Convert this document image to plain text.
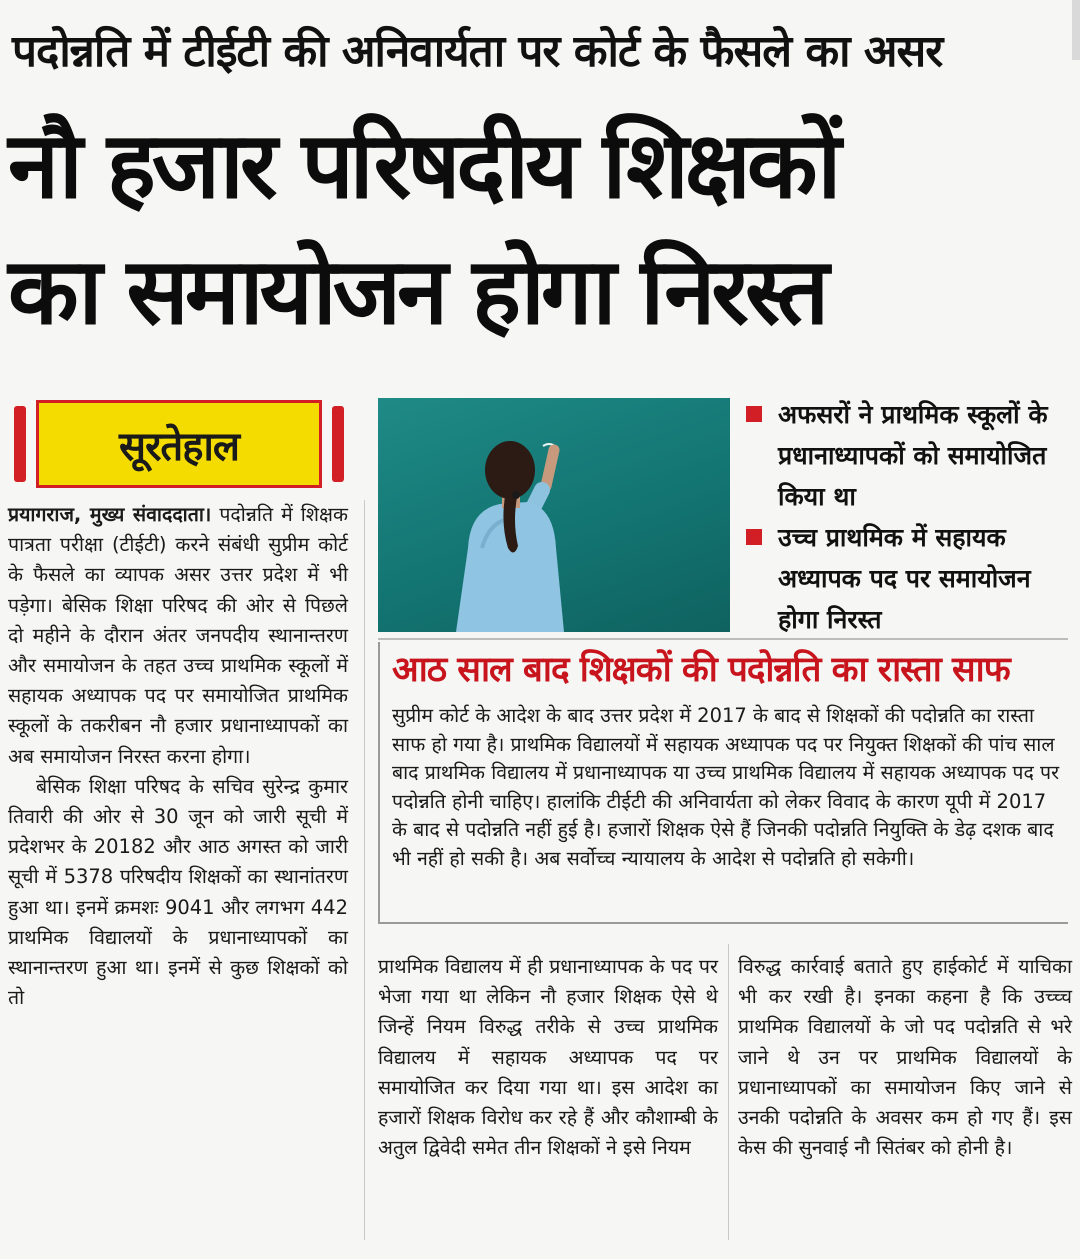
पदोन्नति में टीईटी की अनिवार्यता पर कोर्ट के फैसले का असर
नौ हजार परिषदीय शिक्षकों
का समायोजन होगा निरस्त
सूरतेहाल

प्रयागराज, मुख्य संवाददाता। पदोन्नति में शिक्षक पात्रता परीक्षा (टीईटी) करने संबंधी सुप्रीम कोर्ट के फैसले का व्यापक असर उत्तर प्रदेश में भी पड़ेगा। बेसिक शिक्षा परिषद की ओर से पिछले दो महीने के दौरान अंतर जनपदीय स्थानान्तरण और समायोजन के तहत उच्च प्राथमिक स्कूलों में सहायक अध्यापक पद पर समायोजित प्राथमिक स्कूलों के तकरीबन नौ हजार प्रधानाध्यापकों का अब समायोजन निरस्त करना होगा।

बेसिक शिक्षा परिषद के सचिव सुरेन्द्र कुमार तिवारी की ओर से 30 जून को जारी सूची में प्रदेशभर के 20182 और आठ अगस्त को जारी सूची में 5378 परिषदीय शिक्षकों का स्थानांतरण हुआ था। इनमें क्रमशः 9041 और लगभग 442 प्राथमिक विद्यालयों के प्रधानाध्यापकों का स्थानान्तरण हुआ था। इनमें से कुछ शिक्षकों को तो

अफसरों ने प्राथमिक स्कूलों के प्रधानाध्यापकों को समायोजित किया था
उच्च प्राथमिक में सहायक अध्यापक पद पर समायोजन होगा निरस्त
आठ साल बाद शिक्षकों की पदोन्नति का रास्ता साफ
सुप्रीम कोर्ट के आदेश के बाद उत्तर प्रदेश में 2017 के बाद से शिक्षकों की पदोन्नति का रास्ता साफ हो गया है। प्राथमिक विद्यालयों में सहायक अध्यापक पद पर नियुक्त शिक्षकों की पांच साल बाद प्राथमिक विद्यालय में प्रधानाध्यापक या उच्च प्राथमिक विद्यालय में सहायक अध्यापक पद पर पदोन्नति होनी चाहिए। हालांकि टीईटी की अनिवार्यता को लेकर विवाद के कारण यूपी में 2017 के बाद से पदोन्नति नहीं हुई है। हजारों शिक्षक ऐसे हैं जिनकी पदोन्नति नियुक्ति के डेढ़ दशक बाद भी नहीं हो सकी है। अब सर्वोच्च न्यायालय के आदेश से पदोन्नति हो सकेगी।
प्राथमिक विद्यालय में ही प्रधानाध्यापक के पद पर भेजा गया था लेकिन नौ हजार शिक्षक ऐसे थे जिन्हें नियम विरुद्ध तरीके से उच्च प्राथमिक विद्यालय में सहायक अध्यापक पद पर समायोजित कर दिया गया था। इस आदेश का हजारों शिक्षक विरोध कर रहे हैं और कौशाम्बी के अतुल द्विवेदी समेत तीन शिक्षकों ने इसे नियम
विरुद्ध कार्रवाई बताते हुए हाईकोर्ट में याचिका भी कर रखी है। इनका कहना है कि उच्च्च प्राथमिक विद्यालयों के जो पद पदोन्नति से भरे जाने थे उन पर प्राथमिक विद्यालयों के प्रधानाध्यापकों का समायोजन किए जाने से उनकी पदोन्नति के अवसर कम हो गए हैं। इस केस की सुनवाई नौ सितंबर को होनी है।
